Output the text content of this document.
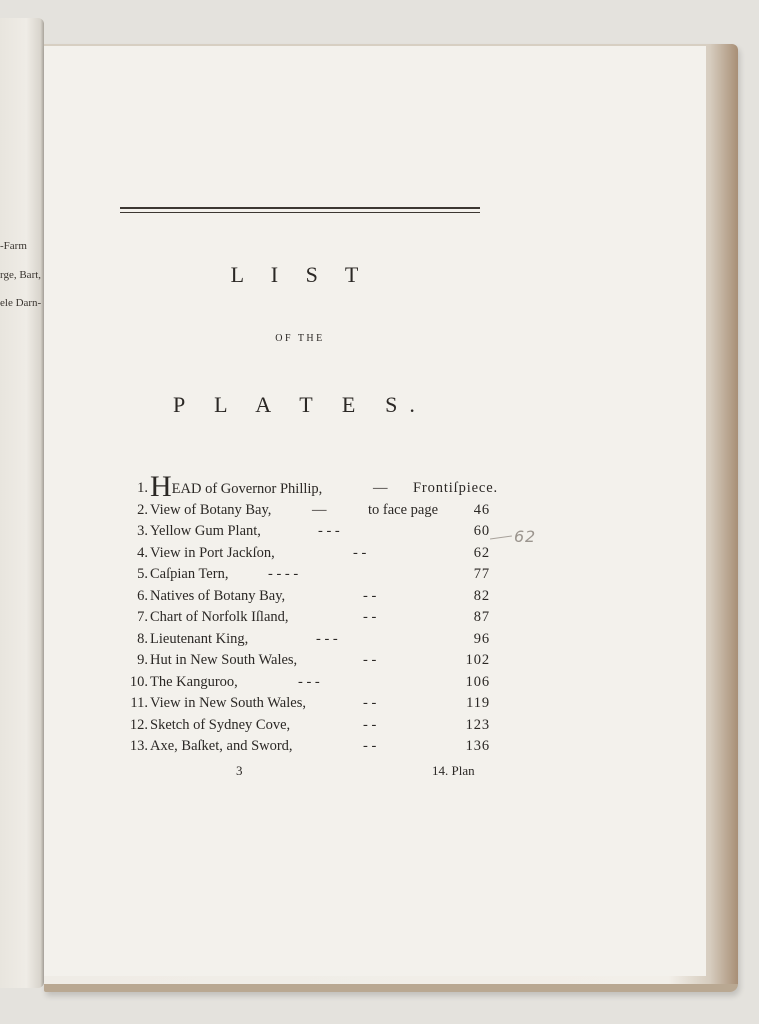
-Farm
rge, Bart,
ele Darn-
L I S T
OF THE
P L A T E S.
1. HEAD of Governor Phillip,	— Frontiſpiece.
2. View of Botany Bay,	—	to face page 46
3. Yellow Gum Plant,	- - -	60
4. View in Port Jackſon,	- -	62
5. Caſpian Tern,	- - - -	77
6. Natives of Botany Bay,	- -	82
7. Chart of Norfolk Iſland,	- -	87
8. Lieutenant King,	- - -	96
9. Hut in New South Wales,	- -	102
10. The Kanguroo,	- - -	106
11. View in New South Wales,	- -	119
12. Sketch of Sydney Cove,	- -	123
13. Axe, Baſket, and Sword,	- -	136
62
3	14. Plan
